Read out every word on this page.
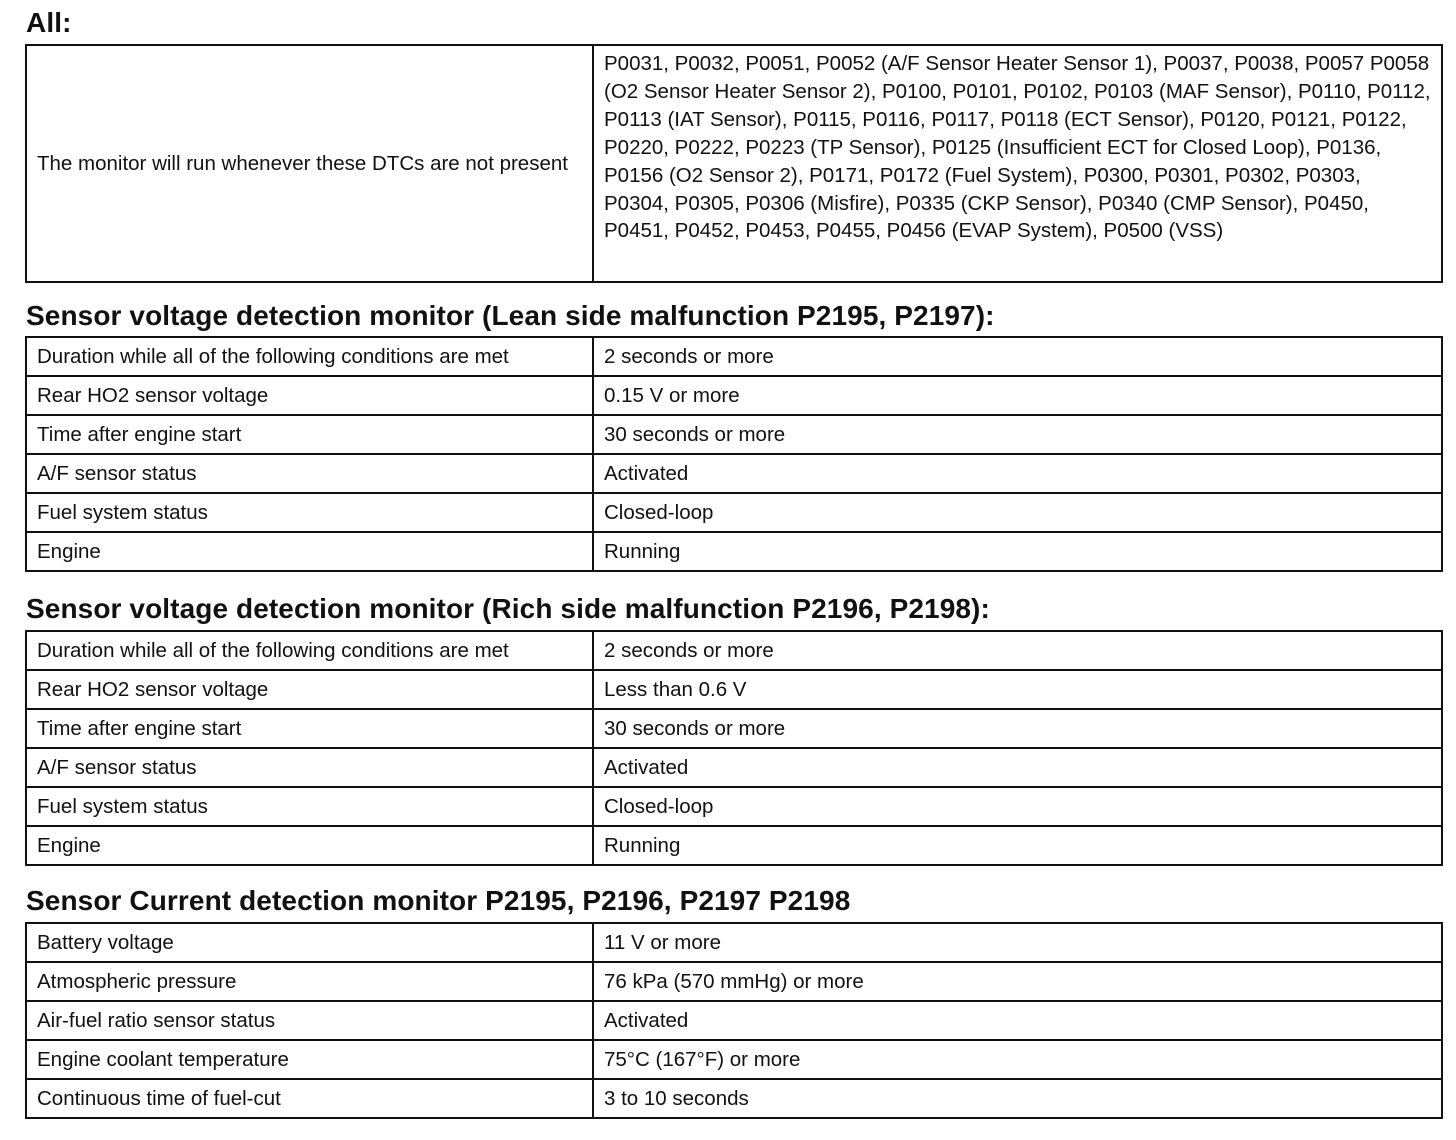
All:
The monitor will run whenever these DTCs are not present	P0031, P0032, P0051, P0052 (A/F Sensor Heater Sensor 1), P0037, P0038, P0057 P0058 (O2 Sensor Heater Sensor 2), P0100, P0101, P0102, P0103 (MAF Sensor), P0110, P0112, P0113 (IAT Sensor), P0115, P0116, P0117, P0118 (ECT Sensor), P0120, P0121, P0122, P0220, P0222, P0223 (TP Sensor), P0125 (Insufficient ECT for Closed Loop), P0136, P0156 (O2 Sensor 2), P0171, P0172 (Fuel System), P0300, P0301, P0302, P0303, P0304, P0305, P0306 (Misfire), P0335 (CKP Sensor), P0340 (CMP Sensor), P0450, P0451, P0452, P0453, P0455, P0456 (EVAP System), P0500 (VSS)
Sensor voltage detection monitor (Lean side malfunction P2195, P2197):
Duration while all of the following conditions are met	2 seconds or more
Rear HO2 sensor voltage	0.15 V or more
Time after engine start	30 seconds or more
A/F sensor status	Activated
Fuel system status	Closed-loop
Engine	Running
Sensor voltage detection monitor (Rich side malfunction P2196, P2198):
Duration while all of the following conditions are met	2 seconds or more
Rear HO2 sensor voltage	Less than 0.6 V
Time after engine start	30 seconds or more
A/F sensor status	Activated
Fuel system status	Closed-loop
Engine	Running
Sensor Current detection monitor P2195, P2196, P2197 P2198
Battery voltage	11 V or more
Atmospheric pressure	76 kPa (570 mmHg) or more
Air-fuel ratio sensor status	Activated
Engine coolant temperature	75°C (167°F) or more
Continuous time of fuel-cut	3 to 10 seconds
